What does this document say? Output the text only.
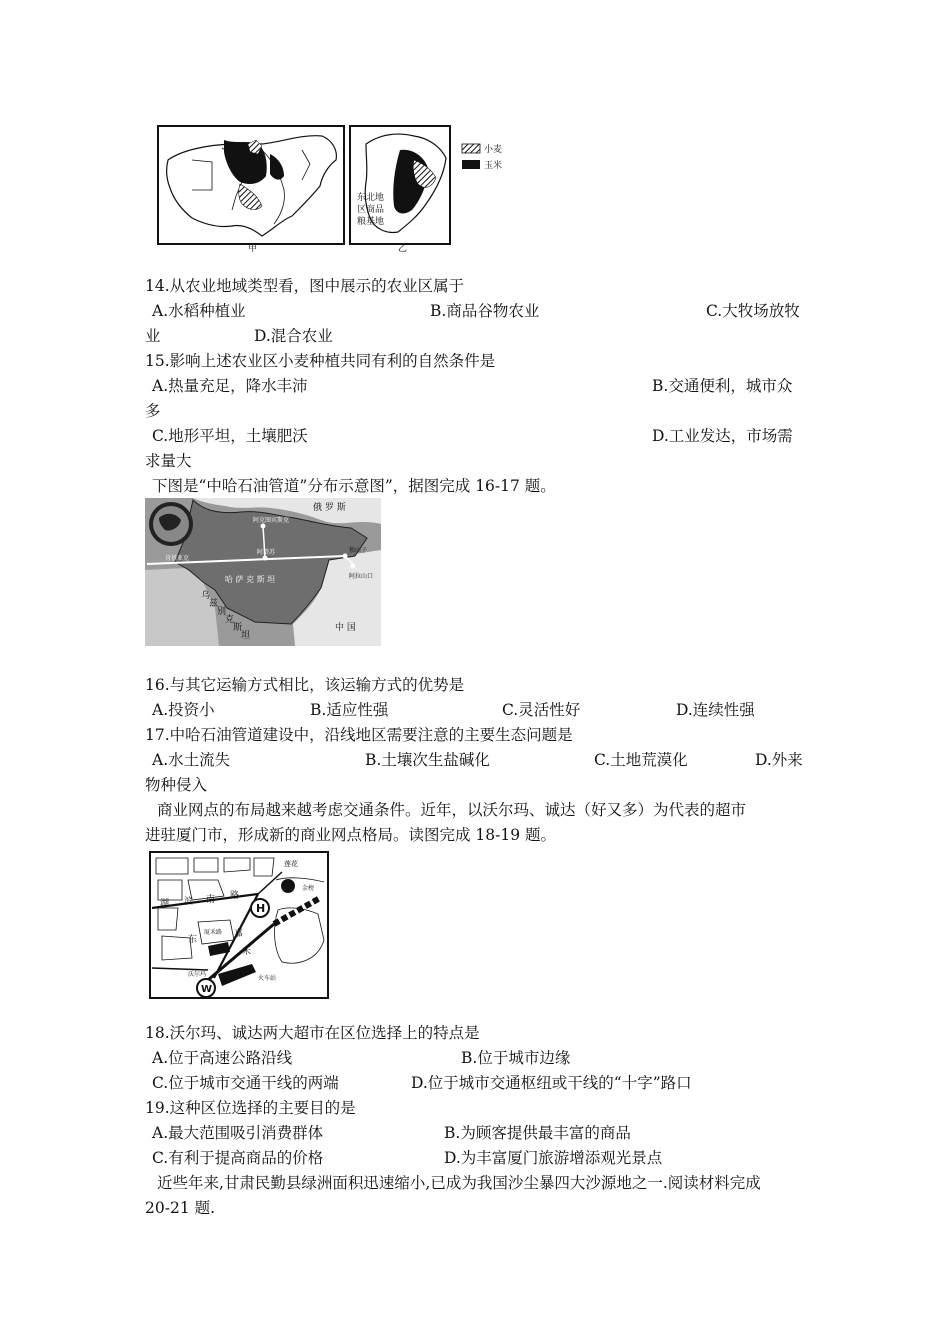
东北地
区商品
粮基地
小麦
玉米
甲	乙
14.从农业地域类型看，图中展示的农业区属于
A.水稻种植业	B.商品谷物农业	C.大牧场放牧
业	D.混合农业
15.影响上述农业区小麦种植共同有利的自然条件是
A.热量充足，降水丰沛	B.交通便利，城市众
多
C.地形平坦，土壤肥沃	D.工业发达，市场需
求量大
下图是“中哈石油管道”分布示意图”，据图完成 16-17 题。
俄 罗 斯
哈 萨 克 斯 坦
乌
兹
别
克
斯
坦
中 国
阿克图宾斯克
肯基亚克
阿塔苏
阿拉山口
独山子
16.与其它运输方式相比，该运输方式的优势是
A.投资小	B.适应性强	C.灵活性好	D.连续性强
17.中哈石油管道建设中，沿线地区需要注意的主要生态问题是
A.水土流失	B.土壤次生盐碱化	C.土地荒漠化	D.外来
物种侵入
商业网点的布局越来越考虑交通条件。近年，以沃尔玛、诚达（好又多）为代表的超市
进驻厦门市，形成新的商业网点格局。读图完成 18-19 题。
H
W
湖 滨 南 路
东
嘉
禾
莲花
厦禾路
火车站
沃尔玛
金榜
18.沃尔玛、诚达两大超市在区位选择上的特点是
A.位于高速公路沿线	B.位于城市边缘
C.位于城市交通干线的两端	D.位于城市交通枢纽或干线的“十字”路口
19.这种区位选择的主要目的是
A.最大范围吸引消费群体	B.为顾客提供最丰富的商品
C.有利于提高商品的价格	D.为丰富厦门旅游增添观光景点
近些年来,甘肃民勤县绿洲面积迅速缩小,已成为我国沙尘暴四大沙源地之一.阅读材料完成
20-21 题.
